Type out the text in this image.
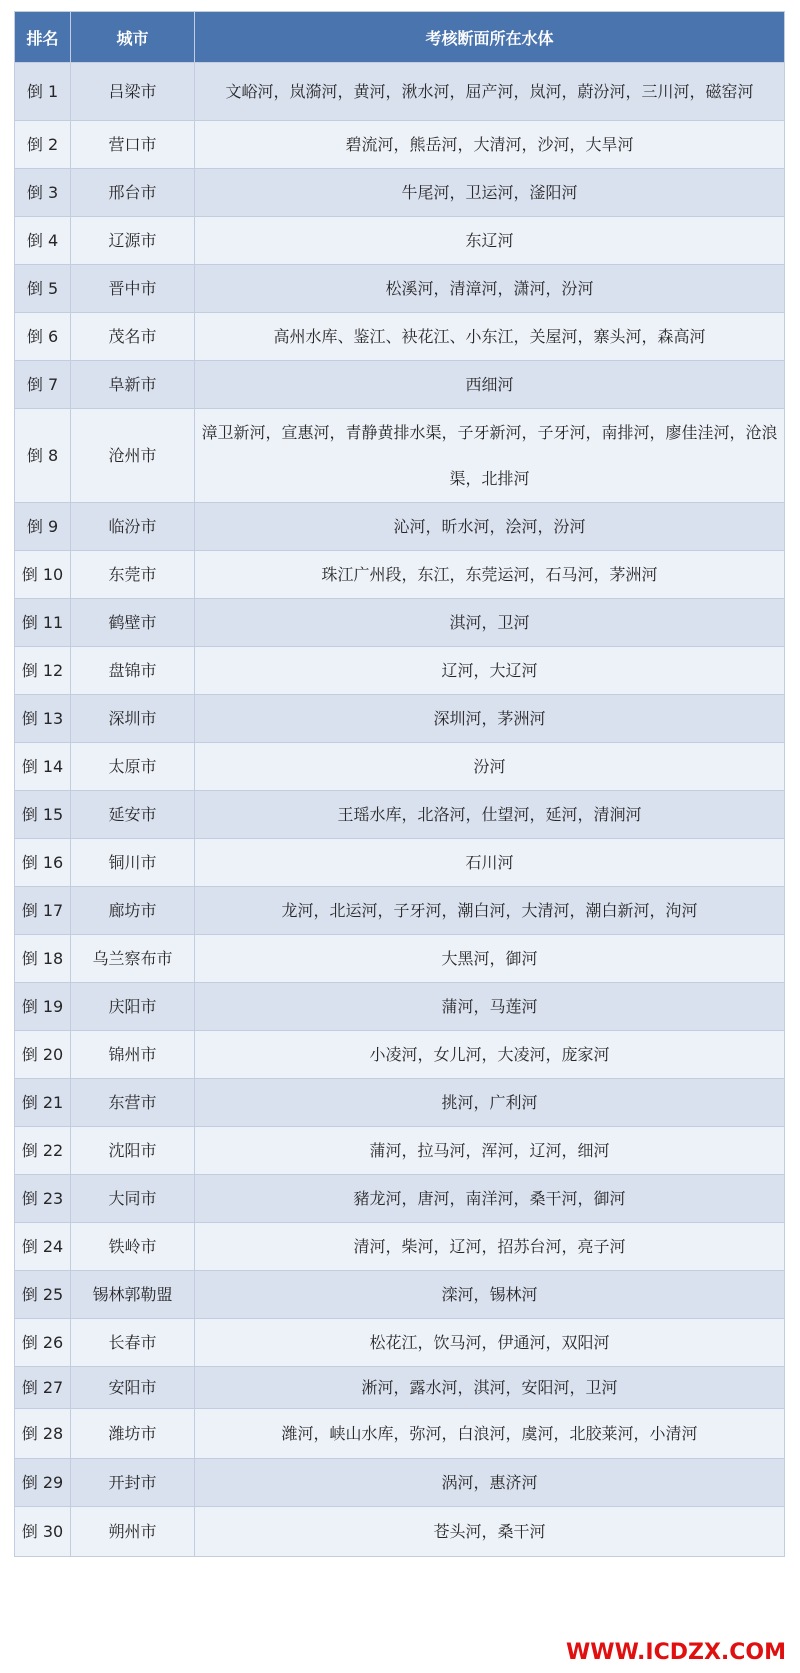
排名	城市	考核断面所在水体
倒 1	吕梁市	文峪河，岚漪河，黄河，湫水河，屈产河，岚河，蔚汾河，三川河，磁窑河
倒 2	营口市	碧流河，熊岳河，大清河，沙河，大旱河
倒 3	邢台市	牛尾河，卫运河，滏阳河
倒 4	辽源市	东辽河
倒 5	晋中市	松溪河，清漳河，潇河，汾河
倒 6	茂名市	高州水库、鉴江、袂花江、小东江，关屋河，寨头河，森高河
倒 7	阜新市	西细河
倒 8	沧州市	漳卫新河，宣惠河，青静黄排水渠，子牙新河，子牙河，南排河，廖佳洼河，沧浪渠，北排河
倒 9	临汾市	沁河，昕水河，浍河，汾河
倒 10	东莞市	珠江广州段，东江，东莞运河，石马河，茅洲河
倒 11	鹤壁市	淇河，卫河
倒 12	盘锦市	辽河，大辽河
倒 13	深圳市	深圳河，茅洲河
倒 14	太原市	汾河
倒 15	延安市	王瑶水库，北洛河，仕望河，延河，清涧河
倒 16	铜川市	石川河
倒 17	廊坊市	龙河，北运河，子牙河，潮白河，大清河，潮白新河，泃河
倒 18	乌兰察布市	大黑河，御河
倒 19	庆阳市	蒲河，马莲河
倒 20	锦州市	小凌河，女儿河，大凌河，庞家河
倒 21	东营市	挑河，广利河
倒 22	沈阳市	蒲河，拉马河，浑河，辽河，细河
倒 23	大同市	豬龙河，唐河，南洋河，桑干河，御河
倒 24	铁岭市	清河，柴河，辽河，招苏台河，亮子河
倒 25	锡林郭勒盟	滦河，锡林河
倒 26	长春市	松花江，饮马河，伊通河，双阳河
倒 27	安阳市	淅河，露水河，淇河，安阳河，卫河
倒 28	潍坊市	潍河，峡山水库，弥河，白浪河，虞河，北胶莱河，小清河
倒 29	开封市	涡河，惠济河
倒 30	朔州市	苍头河，桑干河
WWW.ICDZX.COM
